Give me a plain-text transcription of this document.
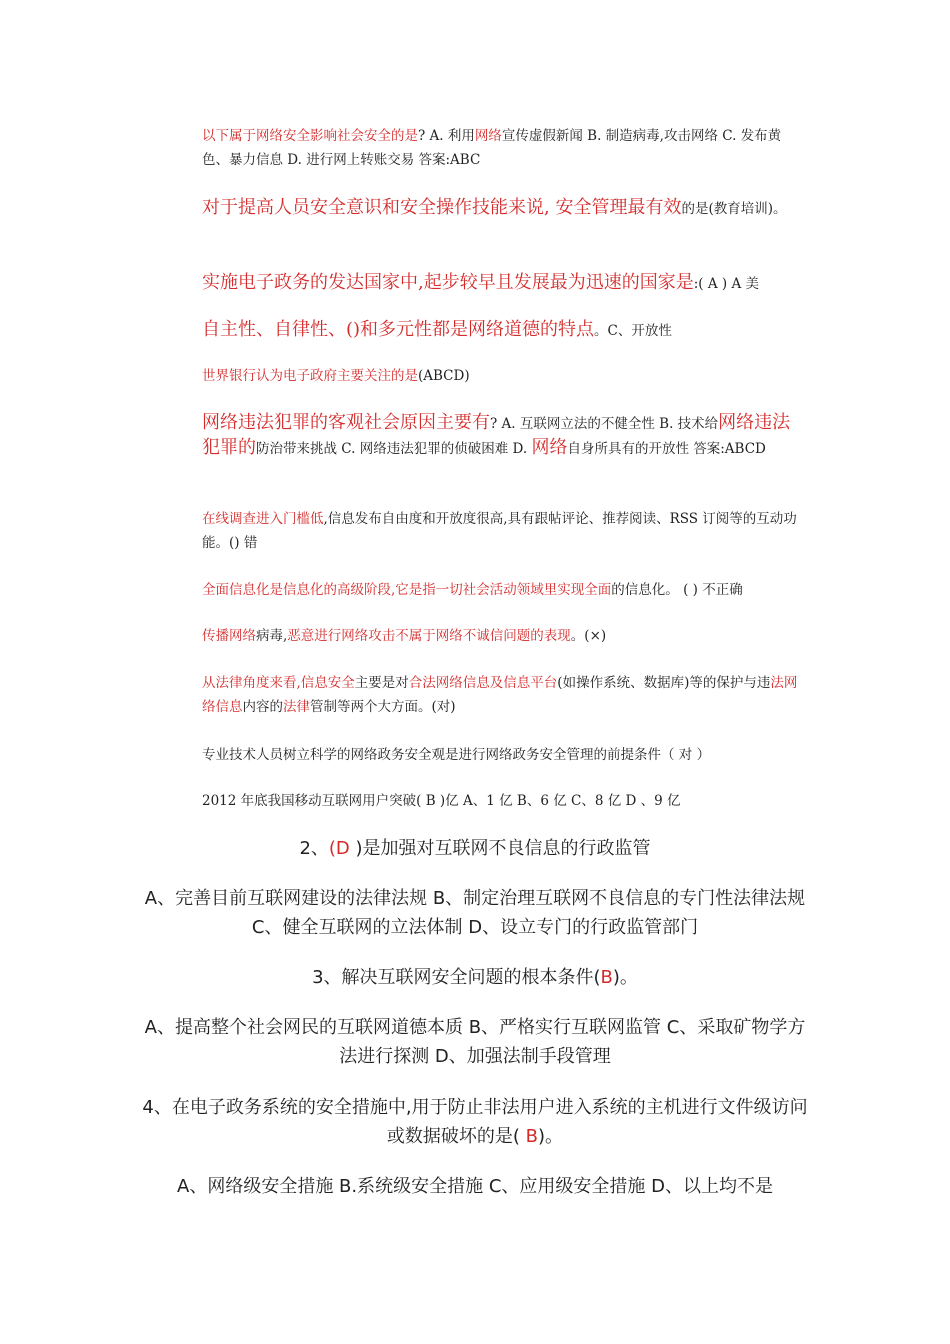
以下属于网络安全影响社会安全的是? A. 利用网络宣传虚假新闻 B. 制造病毒,攻击网络 C. 发布黄色、暴力信息 D. 进行网上转账交易 答案:ABC

对于提高人员安全意识和安全操作技能来说, 安全管理最有效的是(教育培训)。

实施电子政务的发达国家中,起步较早且发展最为迅速的国家是:( A ) A 美

自主性、自律性、()和多元性都是网络道德的特点。C、开放性

世界银行认为电子政府主要关注的是(ABCD)

网络违法犯罪的客观社会原因主要有? A. 互联网立法的不健全性 B. 技术给网络违法犯罪的防治带来挑战 C. 网络违法犯罪的侦破困难 D. 网络自身所具有的开放性 答案:ABCD

在线调查进入门槛低,信息发布自由度和开放度很高,具有跟帖评论、推荐阅读、RSS 订阅等的互动功能。() 错

全面信息化是信息化的高级阶段,它是指一切社会活动领域里实现全面的信息化。 ( ) 不正确

传播网络病毒,恶意进行网络攻击不属于网络不诚信问题的表现。(×)

从法律角度来看,信息安全主要是对合法网络信息及信息平台(如操作系统、数据库)等的保护与违法网络信息内容的法律管制等两个大方面。(对)

专业技术人员树立科学的网络政务安全观是进行网络政务安全管理的前提条件（ 对 ）

2012 年底我国移动互联网用户突破( B )亿 A、1 亿 B、6 亿 C、8 亿 D 、9 亿

2、(D )是加强对互联网不良信息的行政监管

A、完善目前互联网建设的法律法规 B、制定治理互联网不良信息的专门性法律法规 C、健全互联网的立法体制 D、设立专门的行政监管部门

3、解决互联网安全问题的根本条件(B)。

A、提高整个社会网民的互联网道德本质 B、严格实行互联网监管 C、采取矿物学方法进行探测 D、加强法制手段管理

4、在电子政务系统的安全措施中,用于防止非法用户进入系统的主机进行文件级访问或数据破坏的是( B)。

A、网络级安全措施 B.系统级安全措施 C、应用级安全措施 D、以上均不是
